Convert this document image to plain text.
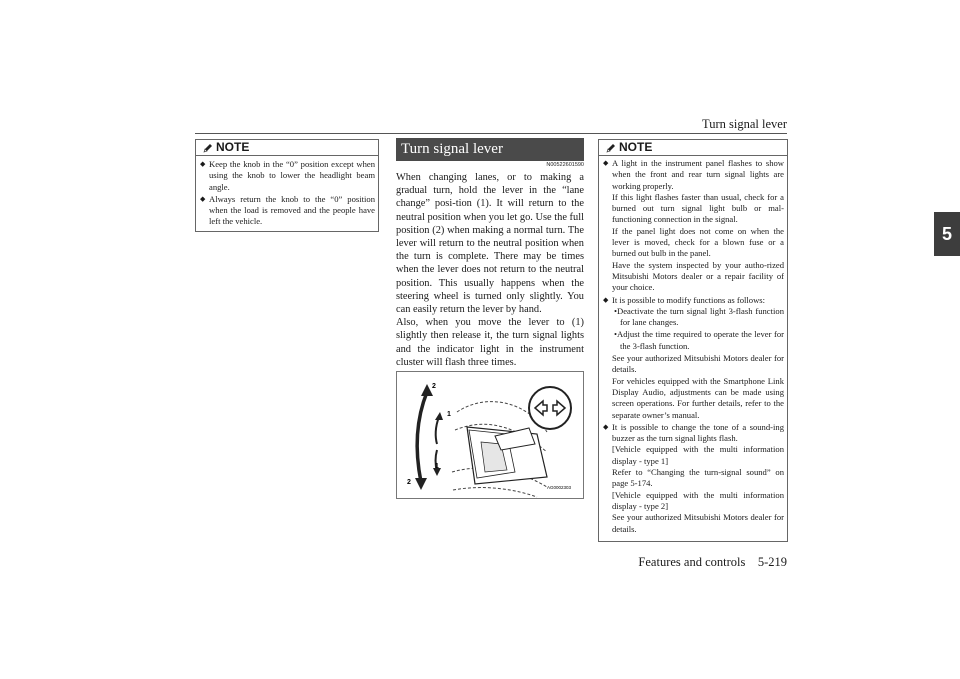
Turn signal lever
5
NOTE
◆ Keep the knob in the “0” position except when using the knob to lower the headlight beam angle.
◆ Always return the knob to the “0” position when the load is removed and the people have left the vehicle.
Turn signal lever
N00522601590
When changing lanes, or to making a gradual turn, hold the lever in the “lane change” posi-tion (1). It will return to the neutral position when you let go. Use the full position (2) when making a normal turn. The lever will return to the neutral position when the turn is complete. There may be times when the lever does not return to the neutral position. This usually happens when the steering wheel is turned only slightly. You can easily return the lever by hand.
Also, when you move the lever to (1) slightly then release it, the turn signal lights and the indicator light in the instrument cluster will flash three times.
2
1
1
2
AG0002303
NOTE
◆ A light in the instrument panel flashes to show when the front and rear turn signal lights are working properly.
If this light flashes faster than usual, check for a burned out turn signal light bulb or mal-functioning connection in the signal.
If the panel light does not come on when the lever is moved, check for a blown fuse or a burned out bulb in the panel.
Have the system inspected by your autho-rized Mitsubishi Motors dealer or a repair facility of your choice.
◆ It is possible to modify functions as follows:
• Deactivate the turn signal light 3-flash function for lane changes.
• Adjust the time required to operate the lever for the 3-flash function.
See your authorized Mitsubishi Motors dealer for details.
For vehicles equipped with the Smartphone Link Display Audio, adjustments can be made using screen operations. For further details, refer to the separate owner’s manual.
◆ It is possible to change the tone of a sound-ing buzzer as the turn signal lights flash.
[Vehicle equipped with the multi information display - type 1]
Refer to “Changing the turn-signal sound” on page 5-174.
[Vehicle equipped with the multi information display - type 2]
See your authorized Mitsubishi Motors dealer for details.
Features and controls    5-219
